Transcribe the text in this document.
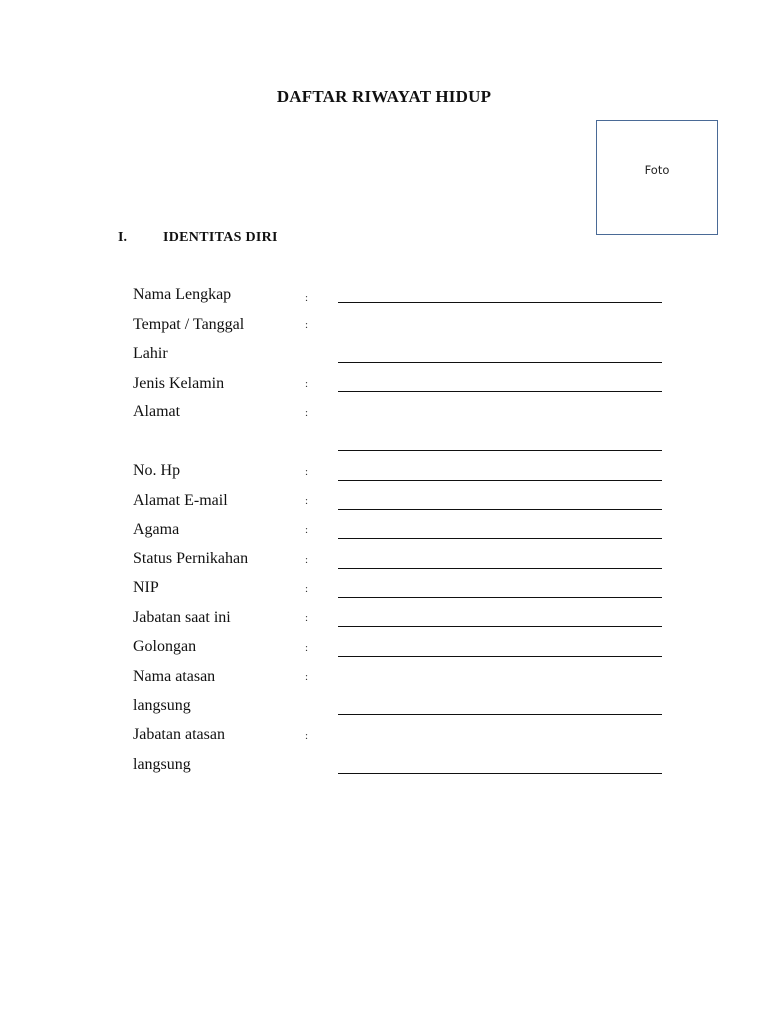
DAFTAR RIWAYAT HIDUP
Foto
I.	IDENTITAS DIRI
Nama Lengkap	:
Tempat / Tanggal	:
Lahir
Jenis Kelamin	:
Alamat	:
No. Hp	:
Alamat E-mail	:
Agama	:
Status Pernikahan	:
NIP	:
Jabatan saat ini	:
Golongan	:
Nama atasan	:
langsung
Jabatan atasan	:
langsung
